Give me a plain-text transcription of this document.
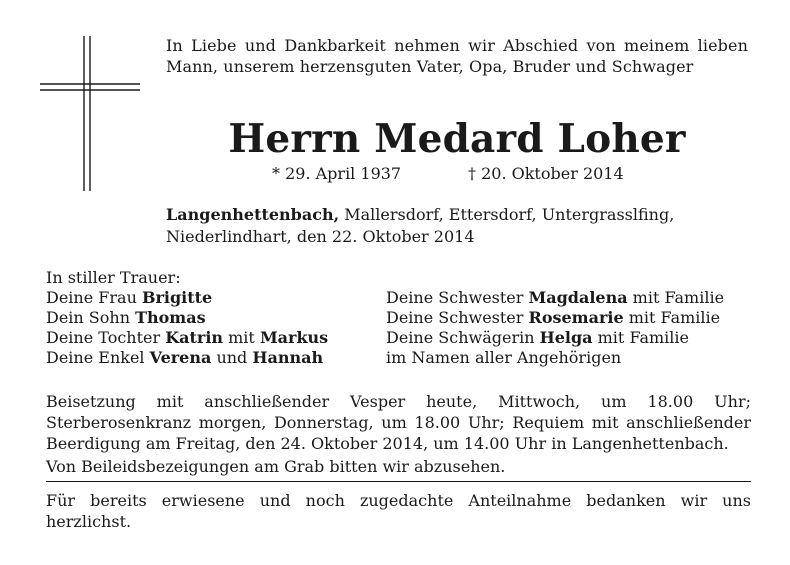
In Liebe und Dankbarkeit nehmen wir Abschied von meinem lieben Mann, unserem herzensguten Vater, Opa, Bruder und Schwager
Herrn Medard Loher
* 29. April 1937	† 20. Oktober 2014
Langenhettenbach, Mallersdorf, Ettersdorf, Untergrasslfing, Niederlindhart, den 22. Oktober 2014
In stiller Trauer:
Deine Frau Brigitte
Dein Sohn Thomas
Deine Tochter Katrin mit Markus
Deine Enkel Verena und Hannah
Deine Schwester Magdalena mit Familie
Deine Schwester Rosemarie mit Familie
Deine Schwägerin Helga mit Familie
im Namen aller Angehörigen
Beisetzung mit anschließender Vesper heute, Mittwoch, um 18.00 Uhr; Sterberosenkranz morgen, Donnerstag, um 18.00 Uhr; Requiem mit anschließender Beerdigung am Freitag, den 24. Oktober 2014, um 14.00 Uhr in Langenhettenbach.
Von Beileidsbezeigungen am Grab bitten wir abzusehen.
Für bereits erwiesene und noch zugedachte Anteilnahme bedanken wir uns herzlichst.
